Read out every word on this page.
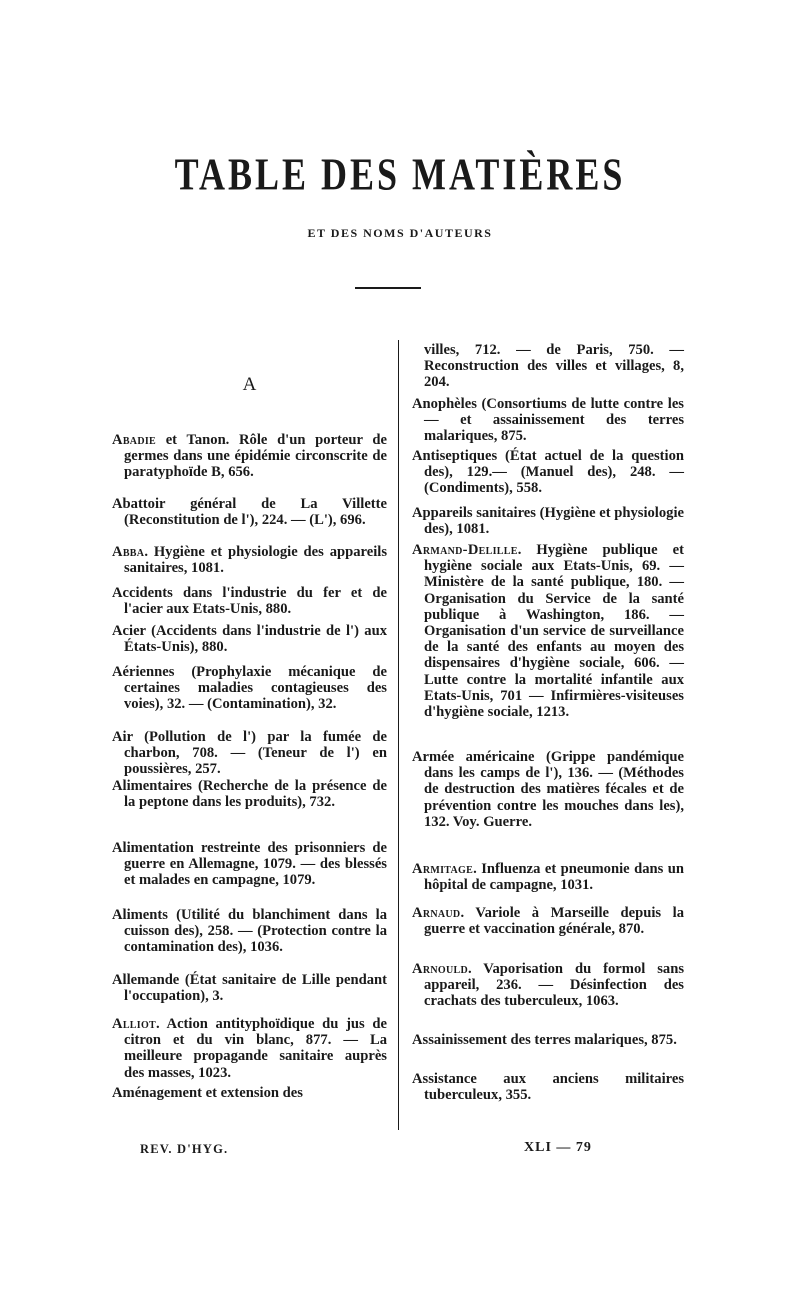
TABLE DES MATIÈRES
ET DES NOMS D'AUTEURS
A

Abadie et Tanon. Rôle d'un porteur de germes dans une épidémie circonscrite de paratyphoïde B, 656.

Abattoir général de La Villette (Reconstitution de l'), 224. — (L'), 696.

Abba. Hygiène et physiologie des appareils sanitaires, 1081.

Accidents dans l'industrie du fer et de l'acier aux Etats-Unis, 880.

Acier (Accidents dans l'industrie de l') aux États-Unis), 880.

Aériennes (Prophylaxie mécanique de certaines maladies contagieuses des voies), 32. — (Contamination), 32.

Air (Pollution de l') par la fumée de charbon, 708. — (Teneur de l') en poussières, 257.

Alimentaires (Recherche de la présence de la peptone dans les produits), 732.

Alimentation restreinte des prisonniers de guerre en Allemagne, 1079. — des blessés et malades en campagne, 1079.

Aliments (Utilité du blanchiment dans la cuisson des), 258. — (Protection contre la contamination des), 1036.

Allemande (État sanitaire de Lille pendant l'occupation), 3.

Alliot. Action antityphoïdique du jus de citron et du vin blanc, 877. — La meilleure propagande sanitaire auprès des masses, 1023.

Aménagement et extension des

villes, 712. — de Paris, 750. — Reconstruction des villes et villages, 8, 204.

Anophèles (Consortiums de lutte contre les — et assainissement des terres malariques, 875.

Antiseptiques (État actuel de la question des), 129.— (Manuel des), 248. — (Condiments), 558.

Appareils sanitaires (Hygiène et physiologie des), 1081.

Armand-Delille. Hygiène publique et hygiène sociale aux Etats-Unis, 69. — Ministère de la santé publique, 180. — Organisation du Service de la santé publique à Washington, 186. — Organisation d'un service de surveillance de la santé des enfants au moyen des dispensaires d'hygiène sociale, 606. — Lutte contre la mortalité infantile aux Etats-Unis, 701 — Infirmières-visiteuses d'hygiène sociale, 1213.

Armée américaine (Grippe pandémique dans les camps de l'), 136. — (Méthodes de destruction des matières fécales et de prévention contre les mouches dans les), 132. Voy. Guerre.

Armitage. Influenza et pneumonie dans un hôpital de campagne, 1031.

Arnaud. Variole à Marseille depuis la guerre et vaccination générale, 870.

Arnould. Vaporisation du formol sans appareil, 236. — Désinfection des crachats des tuberculeux, 1063.

Assainissement des terres malariques, 875.

Assistance aux anciens militaires tuberculeux, 355.

REV. D'HYG.	XLI — 79
